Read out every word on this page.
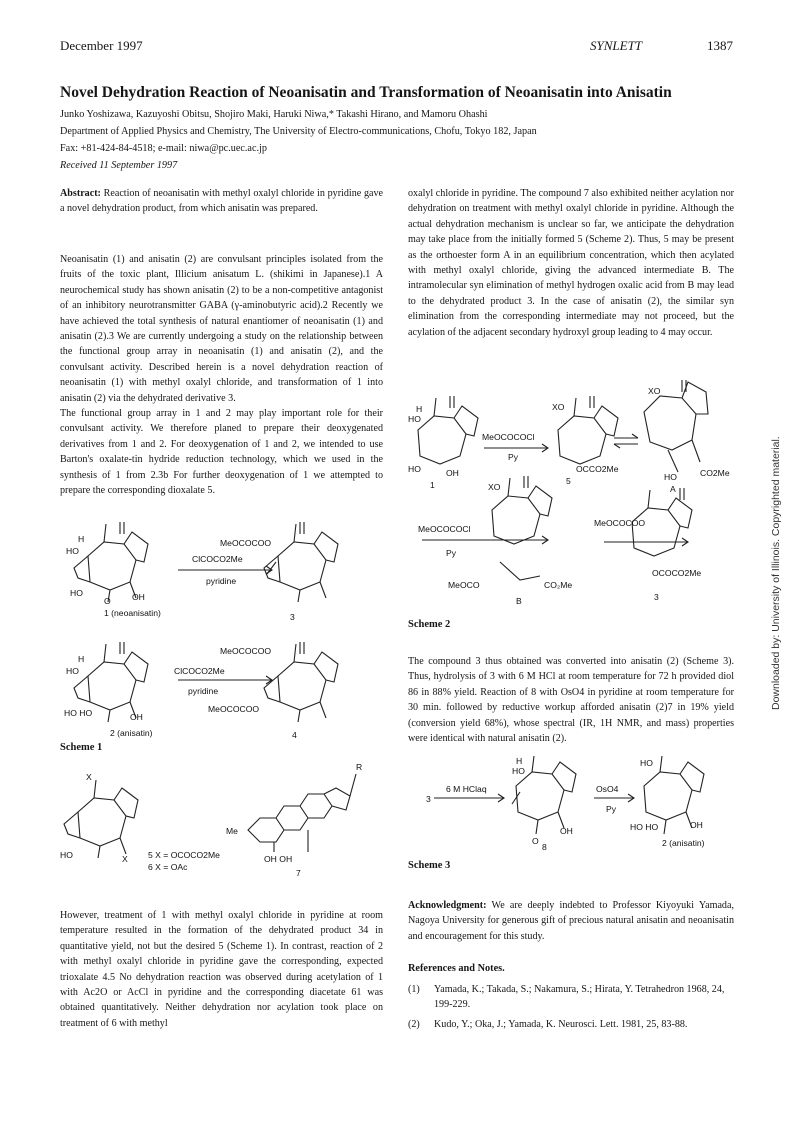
December 1997	SYNLETT	1387
Novel Dehydration Reaction of Neoanisatin and Transformation of Neoanisatin into Anisatin
Junko Yoshizawa, Kazuyoshi Obitsu, Shojiro Maki, Haruki Niwa,* Takashi Hirano, and Mamoru Ohashi
Department of Applied Physics and Chemistry, The University of Electro-communications, Chofu, Tokyo 182, Japan
Fax: +81-424-84-4518; e-mail: niwa@pc.uec.ac.jp
Received 11 September 1997

Abstract: Reaction of neoanisatin with methyl oxalyl chloride in pyridine gave a novel dehydration product, from which anisatin was prepared.

Neoanisatin (1) and anisatin (2) are convulsant principles isolated from the fruits of the toxic plant, Illicium anisatum L. (shikimi in Japanese).1 A neurochemical study has shown anisatin (2) to be a non-competitive antagonist of an inhibitory neurotransmitter GABA (γ-aminobutyric acid).2 Recently we have achieved the total synthesis of natural enantiomer of neoanisatin (1) and anisatin (2).3 We are currently undergoing a study on the relationship between the functional group array in neoanisatin (1) and anisatin (2), and the convulsant activity. Described herein is a novel dehydration reaction of neoanisatin (1) with methyl oxalyl chloride, and transformation of 1 into anisatin (2) via the dehydrated derivative 3.

The functional group array in 1 and 2 may play important role for their convulsant activity. We therefore planed to prepare their deoxygenated derivatives from 1 and 2. For deoxygenation of 1 and 2, we intended to use Barton's oxalate-tin hydride reduction technology, which we used in the synthesis of 1 from 2.3b For further deoxygenation of 1 we attempted to prepare the corresponding dioxalate 5.

H
HO
HO
O OH
1 (neoanisatin)
ClCOCO2Me
pyridine
MeOCOCOO
3
H
HO
HO HO	OH
2 (anisatin)
ClCOCO2Me
pyridine
MeOCOCOO
MeOCOCOO
4
HO	X
X
5 X = OCOCO2Me
6 X = OAc
Me
R
OH OH
7
Scheme 1

However, treatment of 1 with methyl oxalyl chloride in pyridine at room temperature resulted in the formation of the dehydrated product 34 in quantitative yield, not but the desired 5 (Scheme 1). In contrast, reaction of 2 with methyl oxalyl chloride in pyridine gave the corresponding, expected trioxalate 4.5 No dehydration reaction was observed during acetylation of 1 with Ac2O or AcCl in pyridine and the corresponding diacetate 61 was obtained quantitatively. Neither dehydration nor acylation took place on treatment of 6 with methyl

oxalyl chloride in pyridine. The compound 7 also exhibited neither acylation nor dehydration on treatment with methyl oxalyl chloride in pyridine. Although the actual dehydration mechanism is unclear so far, we anticipate the dehydration may take place from the initially formed 5 (Scheme 2). Thus, 5 may be present as the orthoester form A in an equilibrium concentration, which then acylated with methyl oxalyl chloride, giving the advanced intermediate B. The intramolecular syn elimination of methyl hydrogen oxalic acid from B may lead to the dehydrated product 3. In the case of anisatin (2), the similar syn elimination from the corresponding intermediate may not proceed, but the acylation of the adjacent secondary hydroxyl group leading to 4 may occur.

H
HO
HO	OH
1
MeOCOCOCl
Py
XO
OCCO2Me
5
XO
HO	CO2Me
A
MeOCOCOCl
Py
XO
MeOCO	CO₂Me
B
MeOCOCOO
OCOCO2Me
3
Scheme 2

The compound 3 thus obtained was converted into anisatin (2) (Scheme 3). Thus, hydrolysis of 3 with 6 M HCl at room temperature for 72 h provided diol 86 in 88% yield. Reaction of 8 with OsO4 in pyridine at room temperature for 30 min. followed by reductive workup afforded anisatin (2)7 in 19% yield (conversion yield 68%), whose spectral (IR, 1H NMR, and mass) properties were identical with natural anisatin (2).

3
6 M HClaq
H
HO
OH
O
8
OsO4
Py
HO
HO HO	OH
2 (anisatin)
Scheme 3

Acknowledgment: We are deeply indebted to Professor Kiyoyuki Yamada, Nagoya University for generous gift of precious natural anisatin and neoanisatin and encouragement for this study.

References and Notes.
(1) Yamada, K.; Takada, S.; Nakamura, S.; Hirata, Y. Tetrahedron 1968, 24, 199-229.
(2) Kudo, Y.; Oka, J.; Yamada, K. Neurosci. Lett. 1981, 25, 83-88.
Downloaded by: University of Illinois. Copyrighted material.
